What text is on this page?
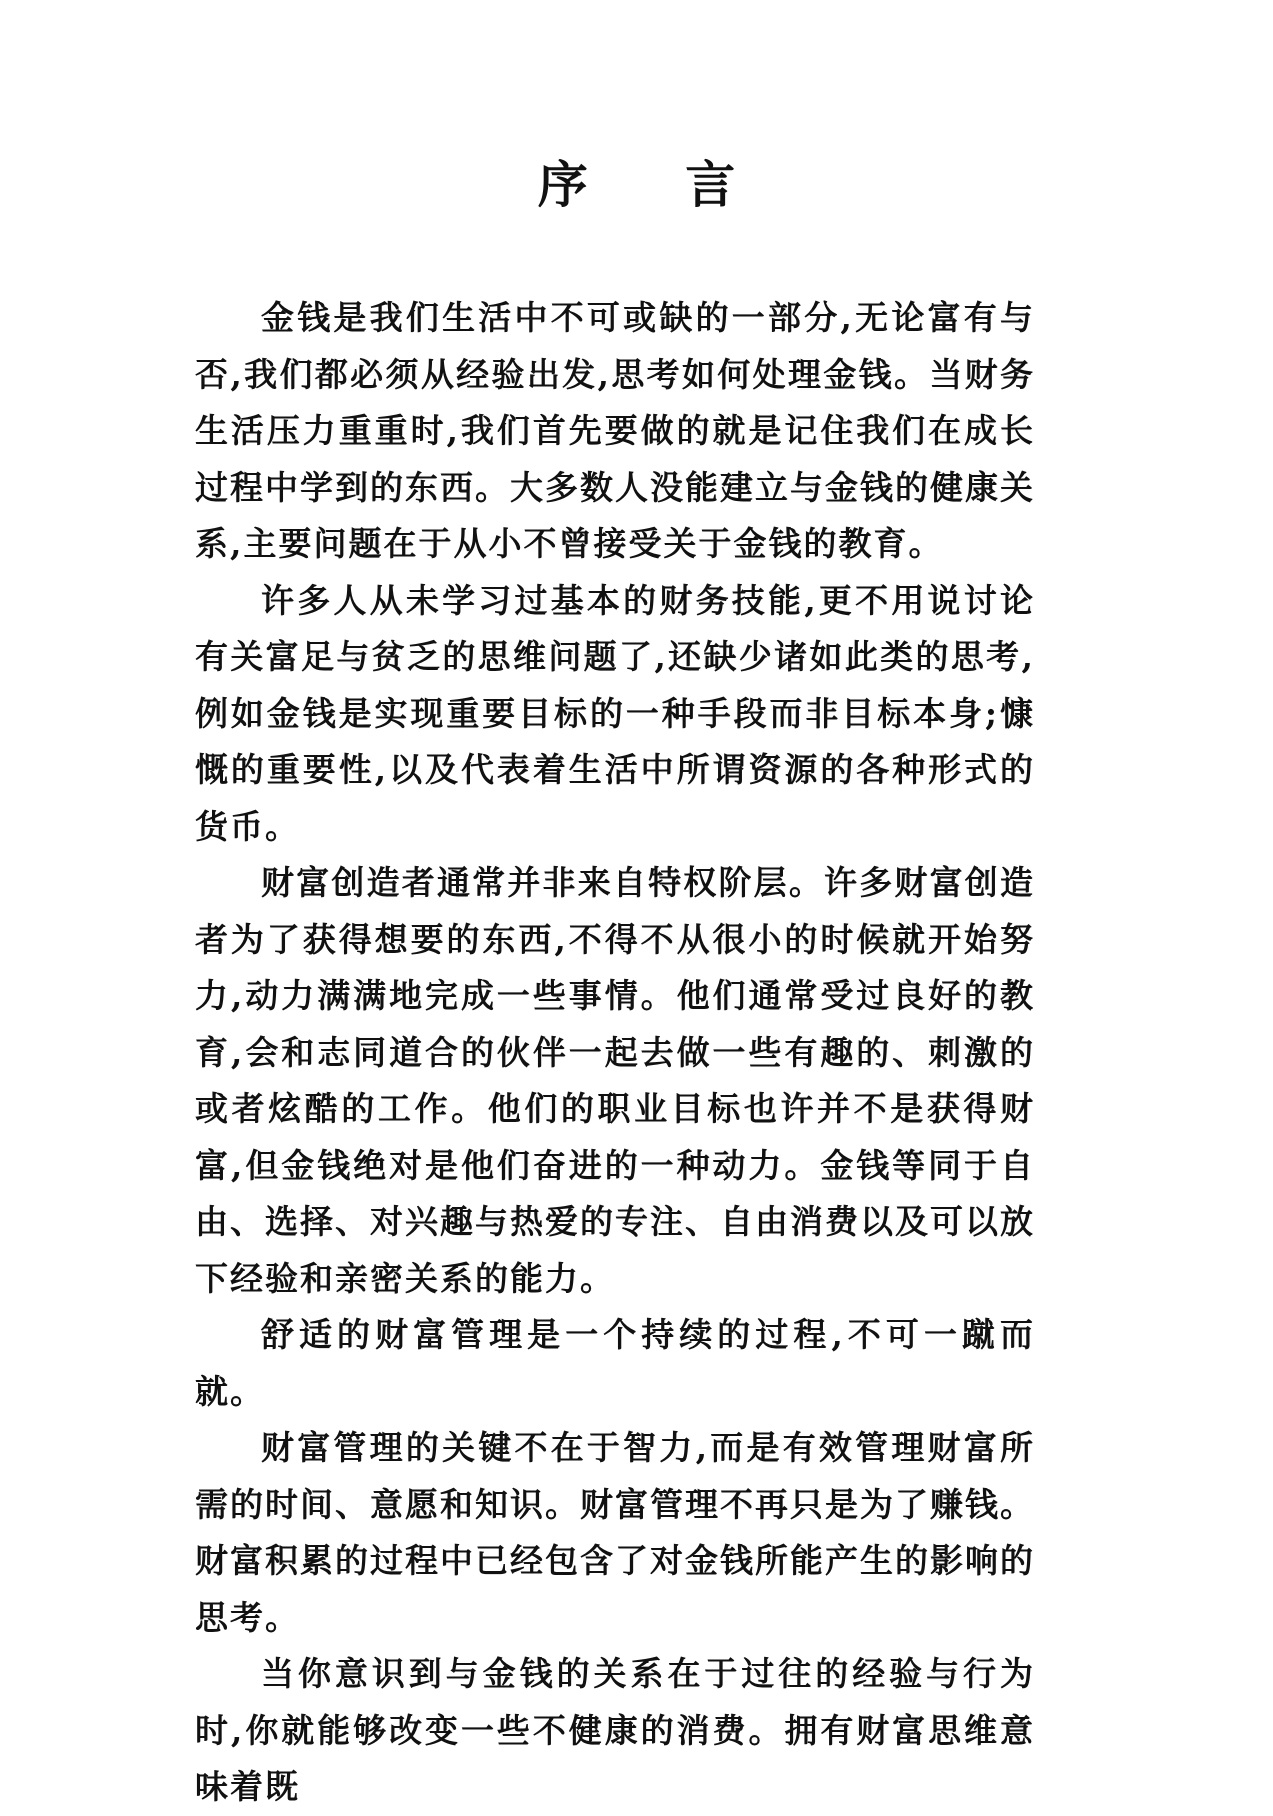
序 言

金钱是我们生活中不可或缺的一部分,无论富有与否,我们都必须从经验出发,思考如何处理金钱。当财务生活压力重重时,我们首先要做的就是记住我们在成长过程中学到的东西。大多数人没能建立与金钱的健康关系,主要问题在于从小不曾接受关于金钱的教育。

许多人从未学习过基本的财务技能,更不用说讨论有关富足与贫乏的思维问题了,还缺少诸如此类的思考,例如金钱是实现重要目标的一种手段而非目标本身;慷慨的重要性,以及代表着生活中所谓资源的各种形式的货币。

财富创造者通常并非来自特权阶层。许多财富创造者为了获得想要的东西,不得不从很小的时候就开始努力,动力满满地完成一些事情。他们通常受过良好的教育,会和志同道合的伙伴一起去做一些有趣的、刺激的或者炫酷的工作。他们的职业目标也许并不是获得财富,但金钱绝对是他们奋进的一种动力。金钱等同于自由、选择、对兴趣与热爱的专注、自由消费以及可以放下经验和亲密关系的能力。

舒适的财富管理是一个持续的过程,不可一蹴而就。

财富管理的关键不在于智力,而是有效管理财富所需的时间、意愿和知识。财富管理不再只是为了赚钱。财富积累的过程中已经包含了对金钱所能产生的影响的思考。

当你意识到与金钱的关系在于过往的经验与行为时,你就能够改变一些不健康的消费。拥有财富思维意味着既
